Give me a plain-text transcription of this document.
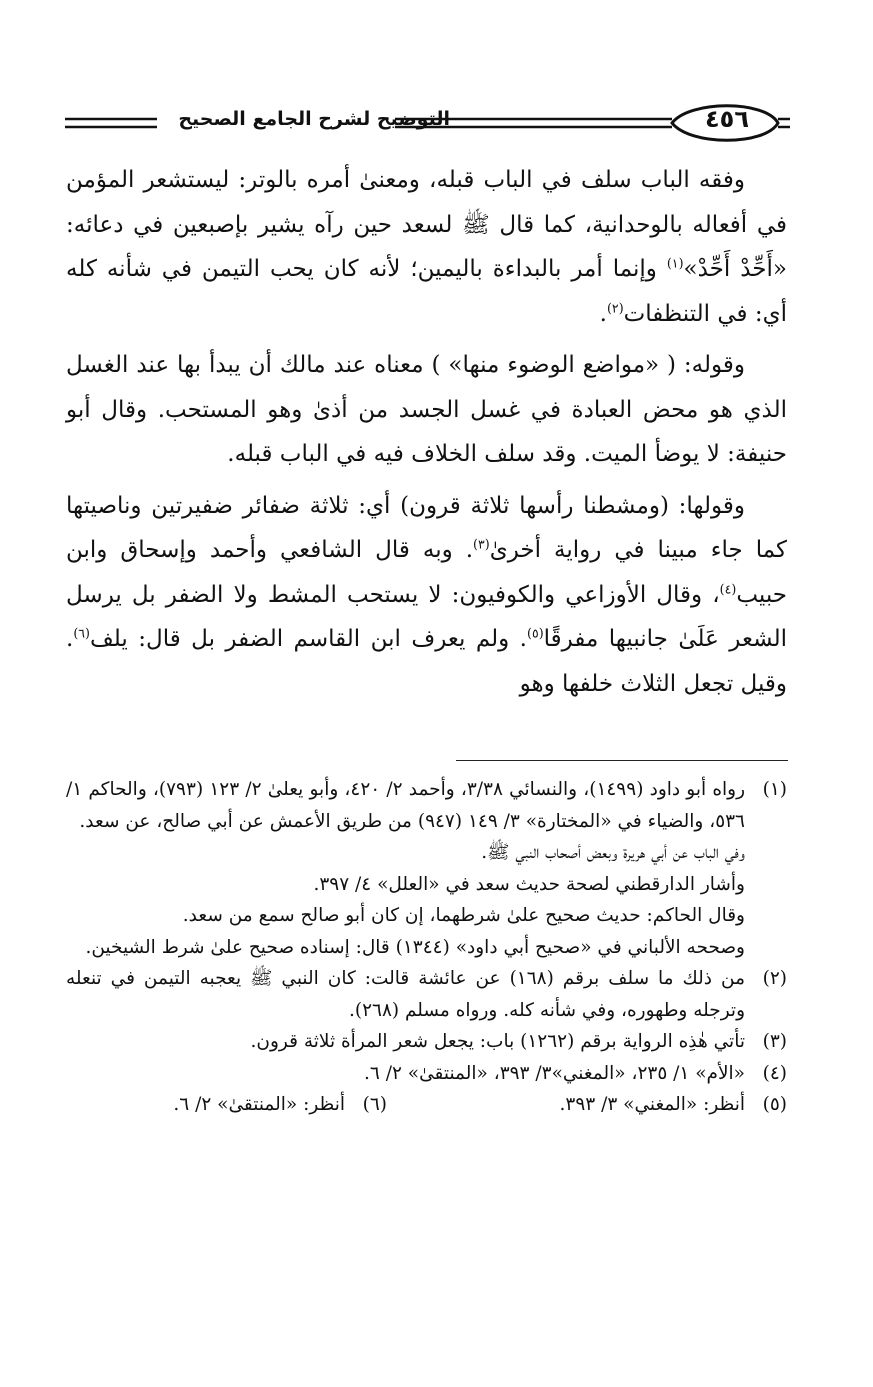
التوضيح لشرح الجامع الصحيح	٤٥٦

وفقه الباب سلف في الباب قبله، ومعنىٰ أمره بالوتر: ليستشعر المؤمن في أفعاله بالوحدانية، كما قال ﷺ لسعد حين رآه يشير بإصبعين في دعائه: «أَحِّدْ أَحِّدْ»$^{(١)}$ وإنما أمر بالبداءة باليمين؛ لأنه كان يحب التيمن في شأنه كله أي: في التنظفات$^{(٢)}$.

وقوله: ( «مواضع الوضوء منها» ) معناه عند مالك أن يبدأ بها عند الغسل الذي هو محض العبادة في غسل الجسد من أذىٰ وهو المستحب. وقال أبو حنيفة: لا يوضأ الميت. وقد سلف الخلاف فيه في الباب قبله.

وقولها: (ومشطنا رأسها ثلاثة قرون) أي: ثلاثة ضفائر ضفيرتين وناصيتها كما جاء مبينا في رواية أخرىٰ$^{(٣)}$. وبه قال الشافعي وأحمد وإسحاق وابن حبيب$^{(٤)}$، وقال الأوزاعي والكوفيون: لا يستحب المشط ولا الضفر بل يرسل الشعر عَلَىٰ جانبيها مفرقًا$^{(٥)}$. ولم يعرف ابن القاسم الضفر بل قال: يلف$^{(٦)}$. وقيل تجعل الثلاث خلفها وهو

(١)
رواه أبو داود (١٤٩٩)، والنسائي ٣/٣٨، وأحمد ٢/ ٤٢٠، وأبو يعلىٰ ٢/ ١٢٣ (٧٩٣)، والحاكم ١/ ٥٣٦، والضياء في «المختارة» ٣/ ١٤٩ (٩٤٧) من طريق الأعمش عن أبي صالح، عن سعد.
وفي الباب عن أبي هريرة وبعض أصحاب النبي ﷺ.
وأشار الدارقطني لصحة حديث سعد في «العلل» ٤/ ٣٩٧.
وقال الحاكم: حديث صحيح علىٰ شرطهما، إن كان أبو صالح سمع من سعد.
وصححه الألباني في «صحيح أبي داود» (١٣٤٤) قال: إسناده صحيح علىٰ شرط الشيخين.
(٢)
من ذلك ما سلف برقم (١٦٨) عن عائشة قالت: كان النبي ﷺ يعجبه التيمن في تنعله وترجله وطهوره، وفي شأنه كله. ورواه مسلم (٢٦٨).
(٣)
تأتي هٰذِه الرواية برقم (١٢٦٢) باب: يجعل شعر المرأة ثلاثة قرون.
(٤)
«الأم» ١/ ٢٣٥، «المغني»٣/ ٣٩٣، «المنتقىٰ» ٢/ ٦.
(٥)
أنظر: «المغني» ٣/ ٣٩٣.
(٦)
أنظر: «المنتقىٰ» ٢/ ٦.
